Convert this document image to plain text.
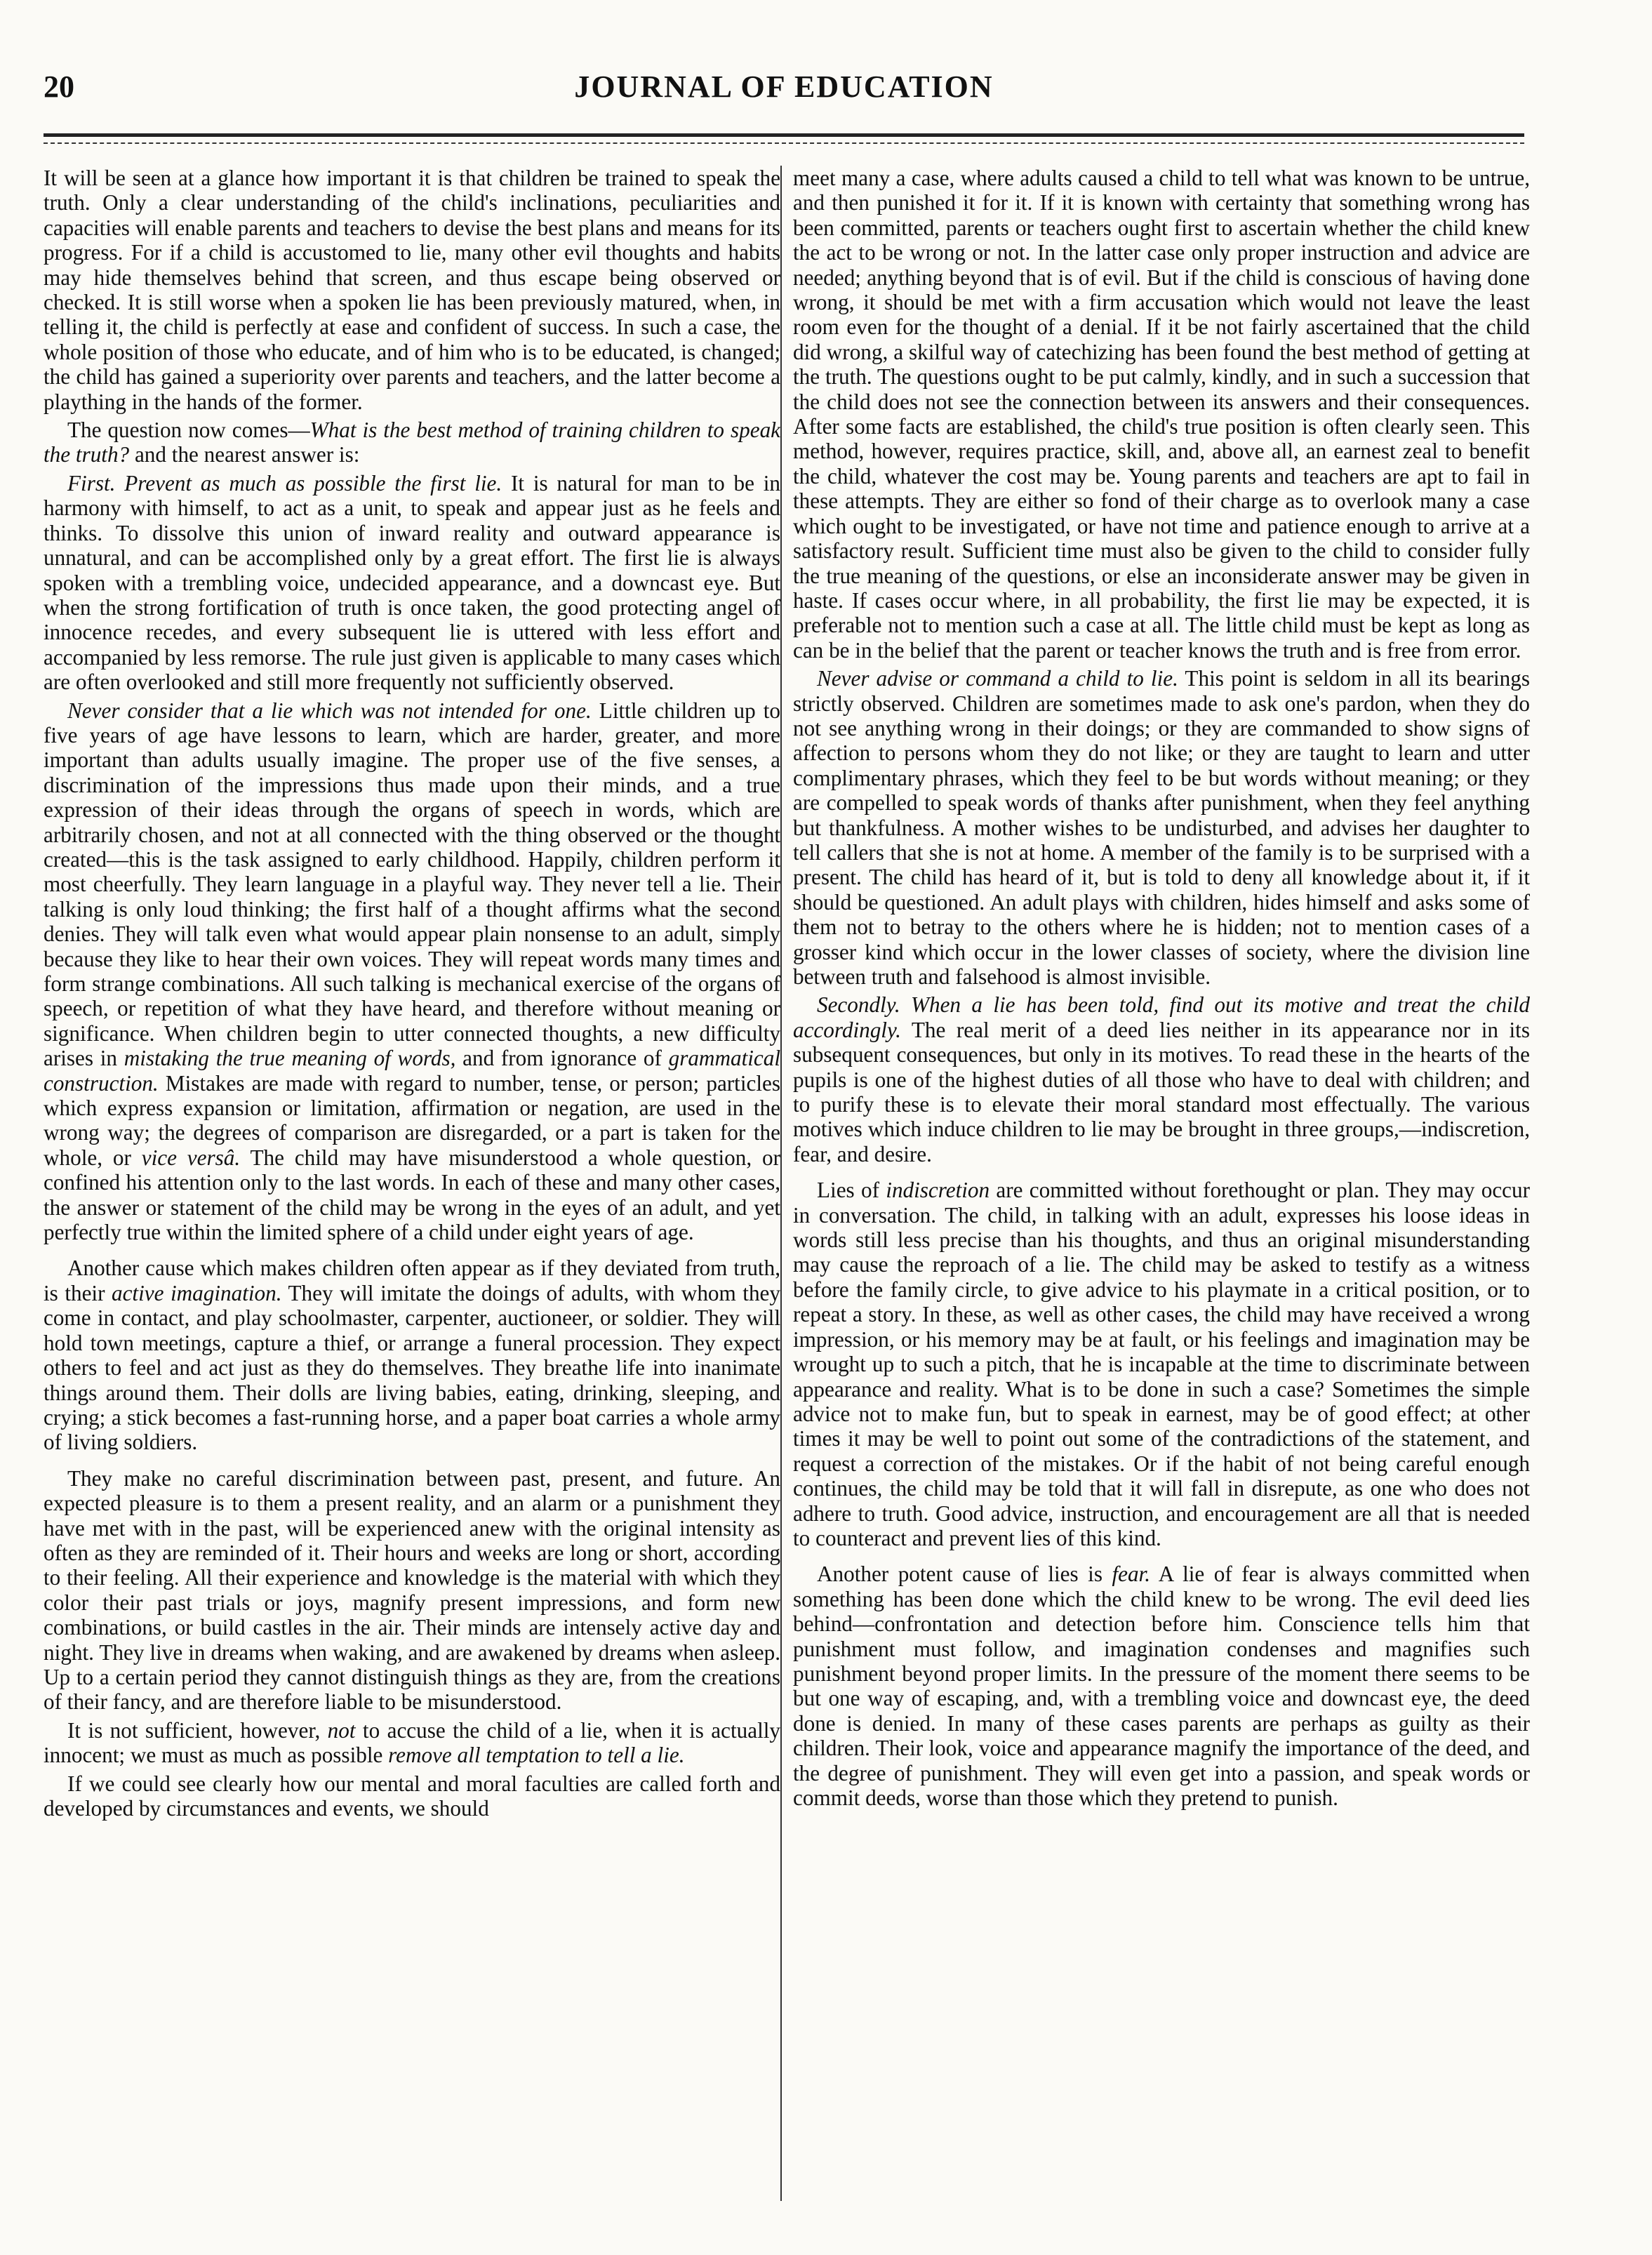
20	JOURNAL OF EDUCATION

It will be seen at a glance how important it is that children be trained to speak the truth. Only a clear understanding of the child's inclinations, peculiarities and capacities will enable parents and teachers to devise the best plans and means for its progress. For if a child is accustomed to lie, many other evil thoughts and habits may hide themselves behind that screen, and thus escape being observed or checked. It is still worse when a spoken lie has been previously matured, when, in telling it, the child is perfectly at ease and confident of success. In such a case, the whole position of those who educate, and of him who is to be educated, is changed; the child has gained a superiority over parents and teachers, and the latter become a plaything in the hands of the former.

The question now comes—What is the best method of training children to speak the truth? and the nearest answer is:

First. Prevent as much as possible the first lie. It is natural for man to be in harmony with himself, to act as a unit, to speak and appear just as he feels and thinks. To dissolve this union of inward reality and outward appearance is unnatural, and can be accomplished only by a great effort. The first lie is always spoken with a trembling voice, undecided appearance, and a downcast eye. But when the strong fortification of truth is once taken, the good protecting angel of innocence recedes, and every subsequent lie is uttered with less effort and accompanied by less remorse. The rule just given is applicable to many cases which are often overlooked and still more frequently not sufficiently observed.

Never consider that a lie which was not intended for one. Little children up to five years of age have lessons to learn, which are harder, greater, and more important than adults usually imagine. The proper use of the five senses, a discrimination of the impressions thus made upon their minds, and a true expression of their ideas through the organs of speech in words, which are arbitrarily chosen, and not at all connected with the thing observed or the thought created—this is the task assigned to early childhood. Happily, children perform it most cheerfully. They learn language in a playful way. They never tell a lie. Their talking is only loud thinking; the first half of a thought affirms what the second denies. They will talk even what would appear plain nonsense to an adult, simply because they like to hear their own voices. They will repeat words many times and form strange combinations. All such talking is mechanical exercise of the organs of speech, or repetition of what they have heard, and therefore without meaning or significance. When children begin to utter connected thoughts, a new difficulty arises in mistaking the true meaning of words, and from ignorance of grammatical construction. Mistakes are made with regard to number, tense, or person; particles which express expansion or limitation, affirmation or negation, are used in the wrong way; the degrees of comparison are disregarded, or a part is taken for the whole, or vice versâ. The child may have misunderstood a whole question, or confined his attention only to the last words. In each of these and many other cases, the answer or statement of the child may be wrong in the eyes of an adult, and yet perfectly true within the limited sphere of a child under eight years of age.

Another cause which makes children often appear as if they deviated from truth, is their active imagination. They will imitate the doings of adults, with whom they come in contact, and play schoolmaster, carpenter, auctioneer, or soldier. They will hold town meetings, capture a thief, or arrange a funeral procession. They expect others to feel and act just as they do themselves. They breathe life into inanimate things around them. Their dolls are living babies, eating, drinking, sleeping, and crying; a stick becomes a fast-running horse, and a paper boat carries a whole army of living soldiers.

They make no careful discrimination between past, present, and future. An expected pleasure is to them a present reality, and an alarm or a punishment they have met with in the past, will be experienced anew with the original intensity as often as they are reminded of it. Their hours and weeks are long or short, according to their feeling. All their experience and knowledge is the material with which they color their past trials or joys, magnify present impressions, and form new combinations, or build castles in the air. Their minds are intensely active day and night. They live in dreams when waking, and are awakened by dreams when asleep. Up to a certain period they cannot distinguish things as they are, from the creations of their fancy, and are therefore liable to be misunderstood.

It is not sufficient, however, not to accuse the child of a lie, when it is actually innocent; we must as much as possible remove all temptation to tell a lie.

If we could see clearly how our mental and moral faculties are called forth and developed by circumstances and events, we should

meet many a case, where adults caused a child to tell what was known to be untrue, and then punished it for it. If it is known with certainty that something wrong has been committed, parents or teachers ought first to ascertain whether the child knew the act to be wrong or not. In the latter case only proper instruction and advice are needed; anything beyond that is of evil. But if the child is conscious of having done wrong, it should be met with a firm accusation which would not leave the least room even for the thought of a denial. If it be not fairly ascertained that the child did wrong, a skilful way of catechizing has been found the best method of getting at the truth. The questions ought to be put calmly, kindly, and in such a succession that the child does not see the connection between its answers and their consequences. After some facts are established, the child's true position is often clearly seen. This method, however, requires practice, skill, and, above all, an earnest zeal to benefit the child, whatever the cost may be. Young parents and teachers are apt to fail in these attempts. They are either so fond of their charge as to overlook many a case which ought to be investigated, or have not time and patience enough to arrive at a satisfactory result. Sufficient time must also be given to the child to consider fully the true meaning of the questions, or else an inconsiderate answer may be given in haste. If cases occur where, in all probability, the first lie may be expected, it is preferable not to mention such a case at all. The little child must be kept as long as can be in the belief that the parent or teacher knows the truth and is free from error.

Never advise or command a child to lie. This point is seldom in all its bearings strictly observed. Children are sometimes made to ask one's pardon, when they do not see anything wrong in their doings; or they are commanded to show signs of affection to persons whom they do not like; or they are taught to learn and utter complimentary phrases, which they feel to be but words without meaning; or they are compelled to speak words of thanks after punishment, when they feel anything but thankfulness. A mother wishes to be undisturbed, and advises her daughter to tell callers that she is not at home. A member of the family is to be surprised with a present. The child has heard of it, but is told to deny all knowledge about it, if it should be questioned. An adult plays with children, hides himself and asks some of them not to betray to the others where he is hidden; not to mention cases of a grosser kind which occur in the lower classes of society, where the division line between truth and falsehood is almost invisible.

Secondly. When a lie has been told, find out its motive and treat the child accordingly. The real merit of a deed lies neither in its appearance nor in its subsequent consequences, but only in its motives. To read these in the hearts of the pupils is one of the highest duties of all those who have to deal with children; and to purify these is to elevate their moral standard most effectually. The various motives which induce children to lie may be brought in three groups,—indiscretion, fear, and desire.

Lies of indiscretion are committed without forethought or plan. They may occur in conversation. The child, in talking with an adult, expresses his loose ideas in words still less precise than his thoughts, and thus an original misunderstanding may cause the reproach of a lie. The child may be asked to testify as a witness before the family circle, to give advice to his playmate in a critical position, or to repeat a story. In these, as well as other cases, the child may have received a wrong impression, or his memory may be at fault, or his feelings and imagination may be wrought up to such a pitch, that he is incapable at the time to discriminate between appearance and reality. What is to be done in such a case? Sometimes the simple advice not to make fun, but to speak in earnest, may be of good effect; at other times it may be well to point out some of the contradictions of the statement, and request a correction of the mistakes. Or if the habit of not being careful enough continues, the child may be told that it will fall in disrepute, as one who does not adhere to truth. Good advice, instruction, and encouragement are all that is needed to counteract and prevent lies of this kind.

Another potent cause of lies is fear. A lie of fear is always committed when something has been done which the child knew to be wrong. The evil deed lies behind—confrontation and detection before him. Conscience tells him that punishment must follow, and imagination condenses and magnifies such punishment beyond proper limits. In the pressure of the moment there seems to be but one way of escaping, and, with a trembling voice and downcast eye, the deed done is denied. In many of these cases parents are perhaps as guilty as their children. Their look, voice and appearance magnify the importance of the deed, and the degree of punishment. They will even get into a passion, and speak words or commit deeds, worse than those which they pretend to punish.
